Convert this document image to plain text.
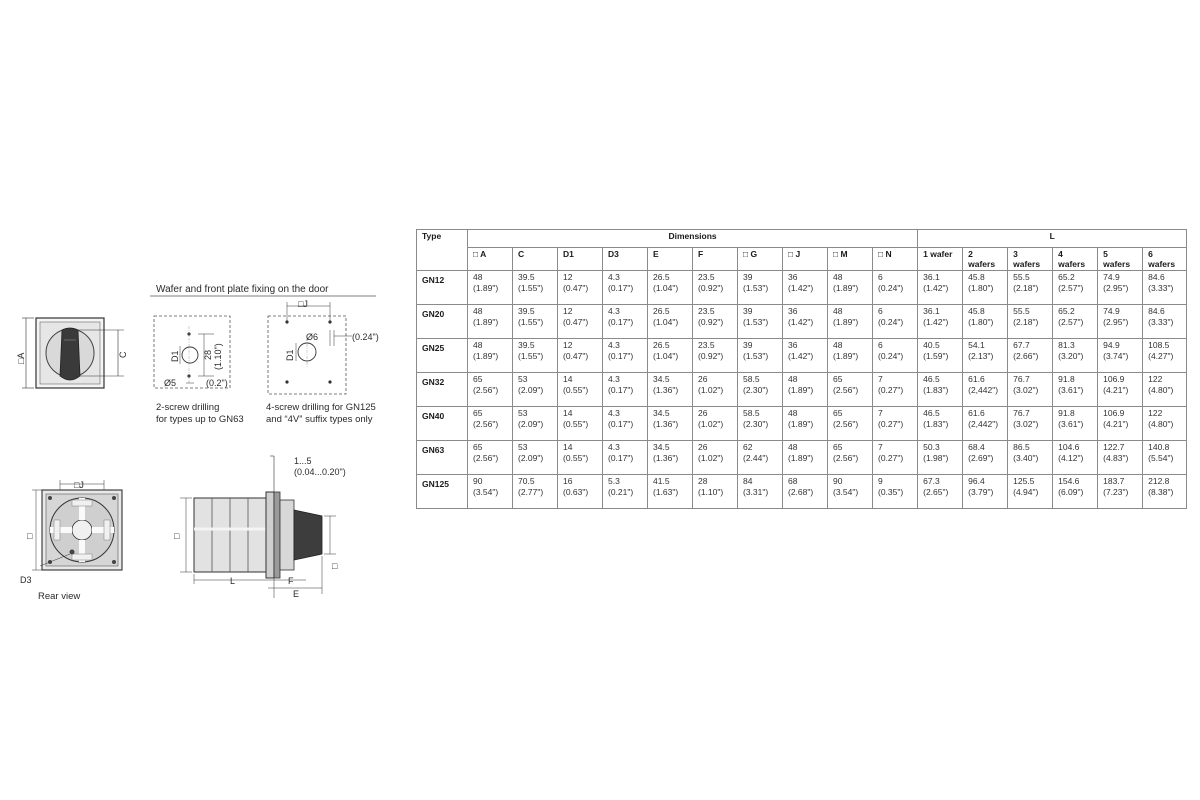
Wafer and front plate fixing on the door
□A	C	D1	28 (1.10")
Ø5	(0.2")
2-screw drilling
for types up to GN63
□J
D1
Ø6	(0.24")
4-screw drilling for GN125
and “4V” suffix types only
□J
□
D3
Rear view
1...5
(0.04...0.20")
□
□
L	F
E
Type	Dimensions										L					
	□ A	C	D1	D3	E	F	□ G	□ J	□ M	□ N	1 wafer	2 wafers	3 wafers	4 wafers	5 wafers	6 wafers
GN12	48
(1.89")	39.5
(1.55")	12
(0.47")	4.3
(0.17")	26.5
(1.04")	23.5
(0.92")	39
(1.53")	36
(1.42")	48
(1.89")	6
(0.24")	36.1
(1.42")	45.8
(1.80")	55.5
(2.18")	65.2
(2.57")	74.9
(2.95")	84.6
(3.33")

GN20	48
(1.89")	39.5
(1.55")	12
(0.47")	4.3
(0.17")	26.5
(1.04")	23.5
(0.92")	39
(1.53")	36
(1.42")	48
(1.89")	6
(0.24")	36.1
(1.42")	45.8
(1.80")	55.5
(2.18")	65.2
(2.57")	74.9
(2.95")	84.6
(3.33")

GN25	48
(1.89")	39.5
(1.55")	12
(0.47")	4.3
(0.17")	26.5
(1.04")	23.5
(0.92")	39
(1.53")	36
(1.42")	48
(1.89")	6
(0.24")	40.5
(1.59")	54.1
(2.13")	67.7
(2.66")	81.3
(3.20")	94.9
(3.74")	108.5
(4.27")

GN32	65
(2.56")	53
(2.09")	14
(0.55")	4.3
(0.17")	34.5
(1.36")	26
(1.02")	58.5
(2.30")	48
(1.89")	65
(2.56")	7
(0.27")	46.5
(1.83")	61.6
(2,442")	76.7
(3.02")	91.8
(3.61")	106.9
(4.21")	122
(4.80")

GN40	65
(2.56")	53
(2.09")	14
(0.55")	4.3
(0.17")	34.5
(1.36")	26
(1.02")	58.5
(2.30")	48
(1.89")	65
(2.56")	7
(0.27")	46.5
(1.83")	61.6
(2,442")	76.7
(3.02")	91.8
(3.61")	106.9
(4.21")	122
(4.80")

GN63	65
(2.56")	53
(2.09")	14
(0.55")	4.3
(0.17")	34.5
(1.36")	26
(1.02")	62
(2.44")	48
(1.89")	65
(2.56")	7
(0.27")	50.3
(1.98")	68.4
(2.69")	86.5
(3.40")	104.6
(4.12")	122.7
(4.83")	140.8
(5.54")

GN125	90
(3.54")	70.5
(2.77")	16
(0.63")	5.3
(0.21")	41.5
(1.63")	28
(1.10")	84
(3.31")	68
(2.68")	90
(3.54")	9
(0.35")	67.3
(2.65")	96.4
(3.79")	125.5
(4.94")	154.6
(6.09")	183.7
(7.23")	212.8
(8.38")
